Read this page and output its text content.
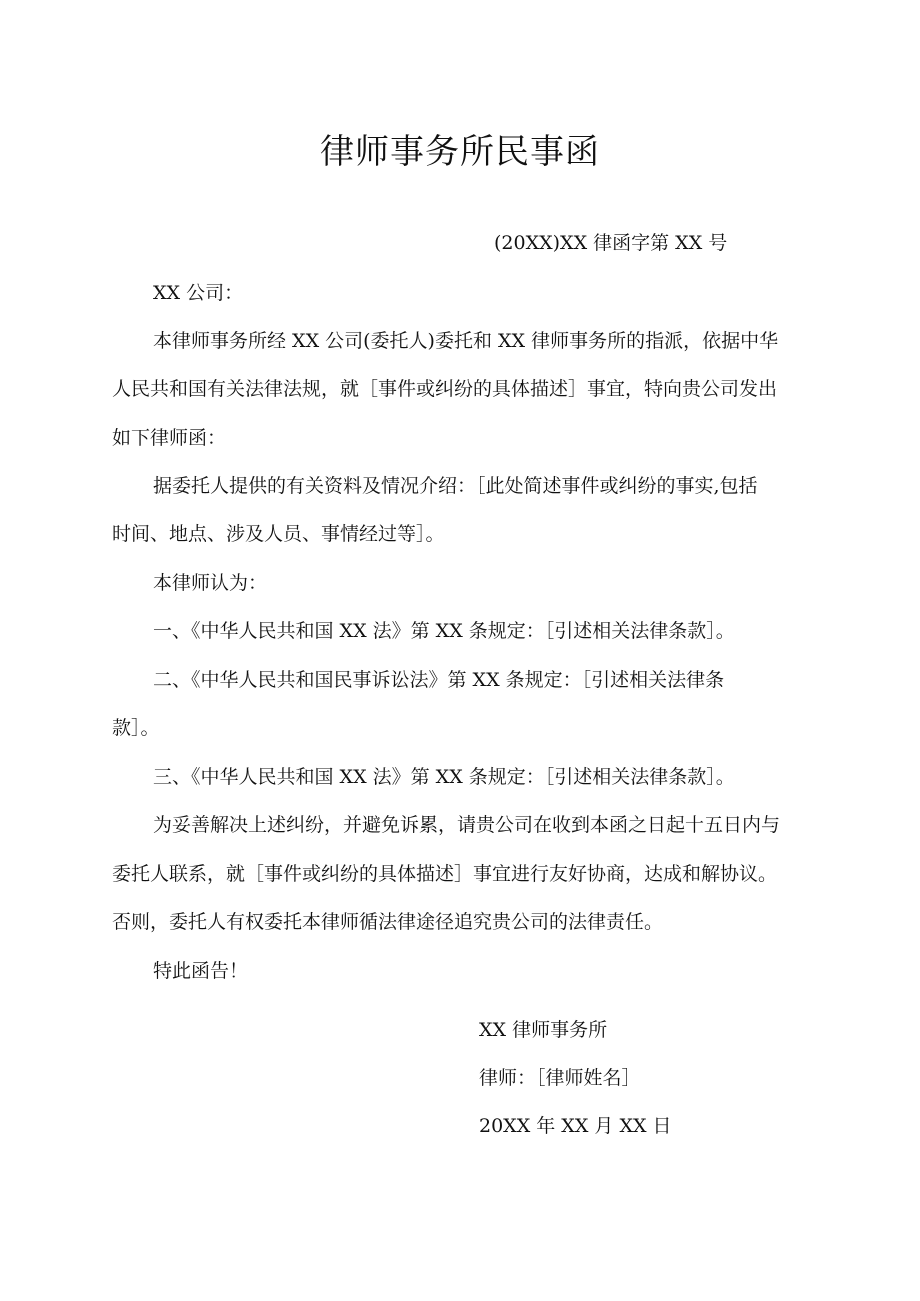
律师事务所民事函
(20XX)XX 律函字第 XX 号
XX 公司：
本律师事务所经 XX 公司(委托人)委托和 XX 律师事务所的指派，依据中华
人民共和国有关法律法规，就［事件或纠纷的具体描述］事宜，特向贵公司发出
如下律师函：
据委托人提供的有关资料及情况介绍：［此处简述事件或纠纷的事实,包括
时间、地点、涉及人员、事情经过等］。
本律师认为：
一、《中华人民共和国 XX 法》第 XX 条规定：［引述相关法律条款］。
二、《中华人民共和国民事诉讼法》第 XX 条规定：［引述相关法律条
款］。
三、《中华人民共和国 XX 法》第 XX 条规定：［引述相关法律条款］。
为妥善解决上述纠纷，并避免诉累，请贵公司在收到本函之日起十五日内与
委托人联系，就［事件或纠纷的具体描述］事宜进行友好协商，达成和解协议。
否则，委托人有权委托本律师循法律途径追究贵公司的法律责任。
特此函告！
XX 律师事务所
律师：［律师姓名］
20XX 年 XX 月 XX 日
